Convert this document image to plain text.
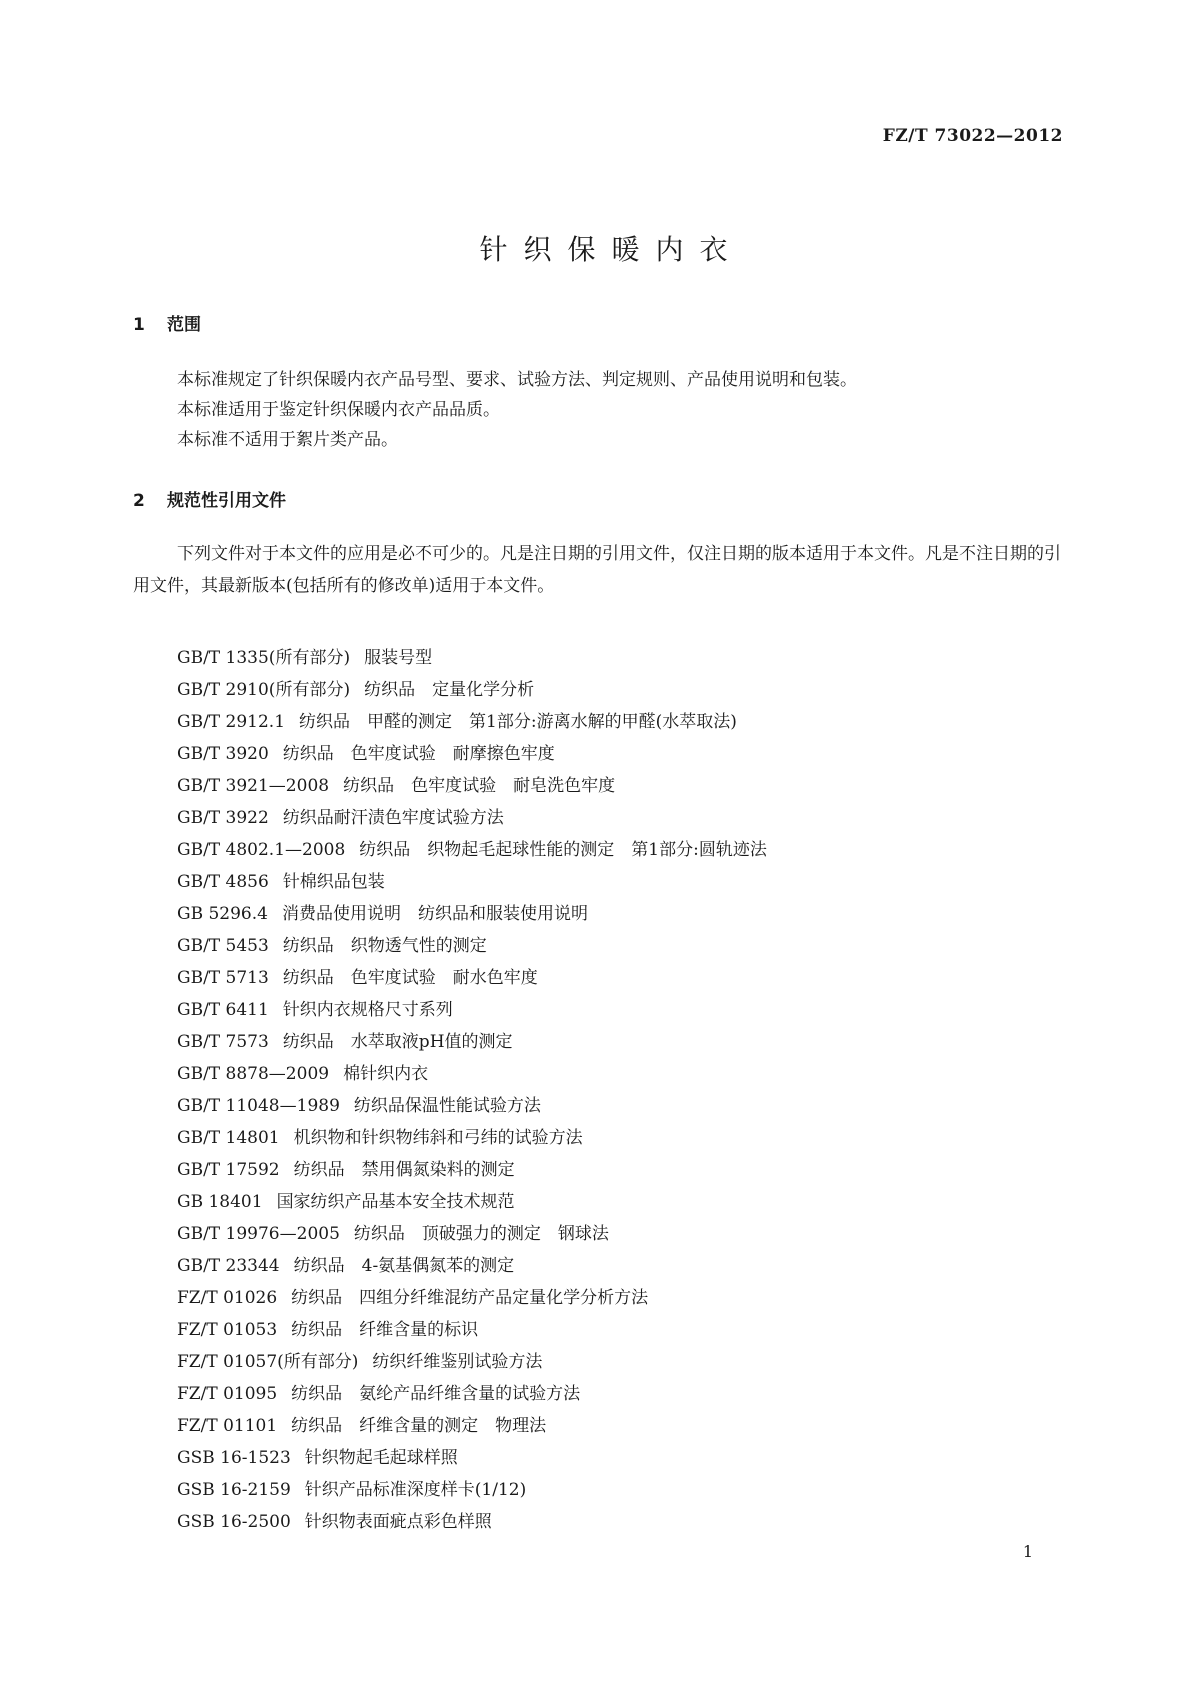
FZ/T 73022—2012
针织保暖内衣
1 范围

本标准规定了针织保暖内衣产品号型、要求、试验方法、判定规则、产品使用说明和包装。

本标准适用于鉴定针织保暖内衣产品品质。

本标准不适用于絮片类产品。

2 规范性引用文件

下列文件对于本文件的应用是必不可少的。凡是注日期的引用文件，仅注日期的版本适用于本文件。凡是不注日期的引用文件，其最新版本(包括所有的修改单)适用于本文件。

GB/T 1335(所有部分) 服装号型
GB/T 2910(所有部分) 纺织品　定量化学分析
GB/T 2912.1 纺织品　甲醛的测定　第1部分:游离水解的甲醛(水萃取法)
GB/T 3920 纺织品　色牢度试验　耐摩擦色牢度
GB/T 3921—2008 纺织品　色牢度试验　耐皂洗色牢度
GB/T 3922 纺织品耐汗渍色牢度试验方法
GB/T 4802.1—2008 纺织品　织物起毛起球性能的测定　第1部分:圆轨迹法
GB/T 4856 针棉织品包装
GB 5296.4 消费品使用说明　纺织品和服装使用说明
GB/T 5453 纺织品　织物透气性的测定
GB/T 5713 纺织品　色牢度试验　耐水色牢度
GB/T 6411 针织内衣规格尺寸系列
GB/T 7573 纺织品　水萃取液pH值的测定
GB/T 8878—2009 棉针织内衣
GB/T 11048—1989 纺织品保温性能试验方法
GB/T 14801 机织物和针织物纬斜和弓纬的试验方法
GB/T 17592 纺织品　禁用偶氮染料的测定
GB 18401 国家纺织产品基本安全技术规范
GB/T 19976—2005 纺织品　顶破强力的测定　钢球法
GB/T 23344 纺织品　4-氨基偶氮苯的测定
FZ/T 01026 纺织品　四组分纤维混纺产品定量化学分析方法
FZ/T 01053 纺织品　纤维含量的标识
FZ/T 01057(所有部分) 纺织纤维鉴别试验方法
FZ/T 01095 纺织品　氨纶产品纤维含量的试验方法
FZ/T 01101 纺织品　纤维含量的测定　物理法
GSB 16-1523 针织物起毛起球样照
GSB 16-2159 针织产品标准深度样卡(1/12)
GSB 16-2500 针织物表面疵点彩色样照
1
